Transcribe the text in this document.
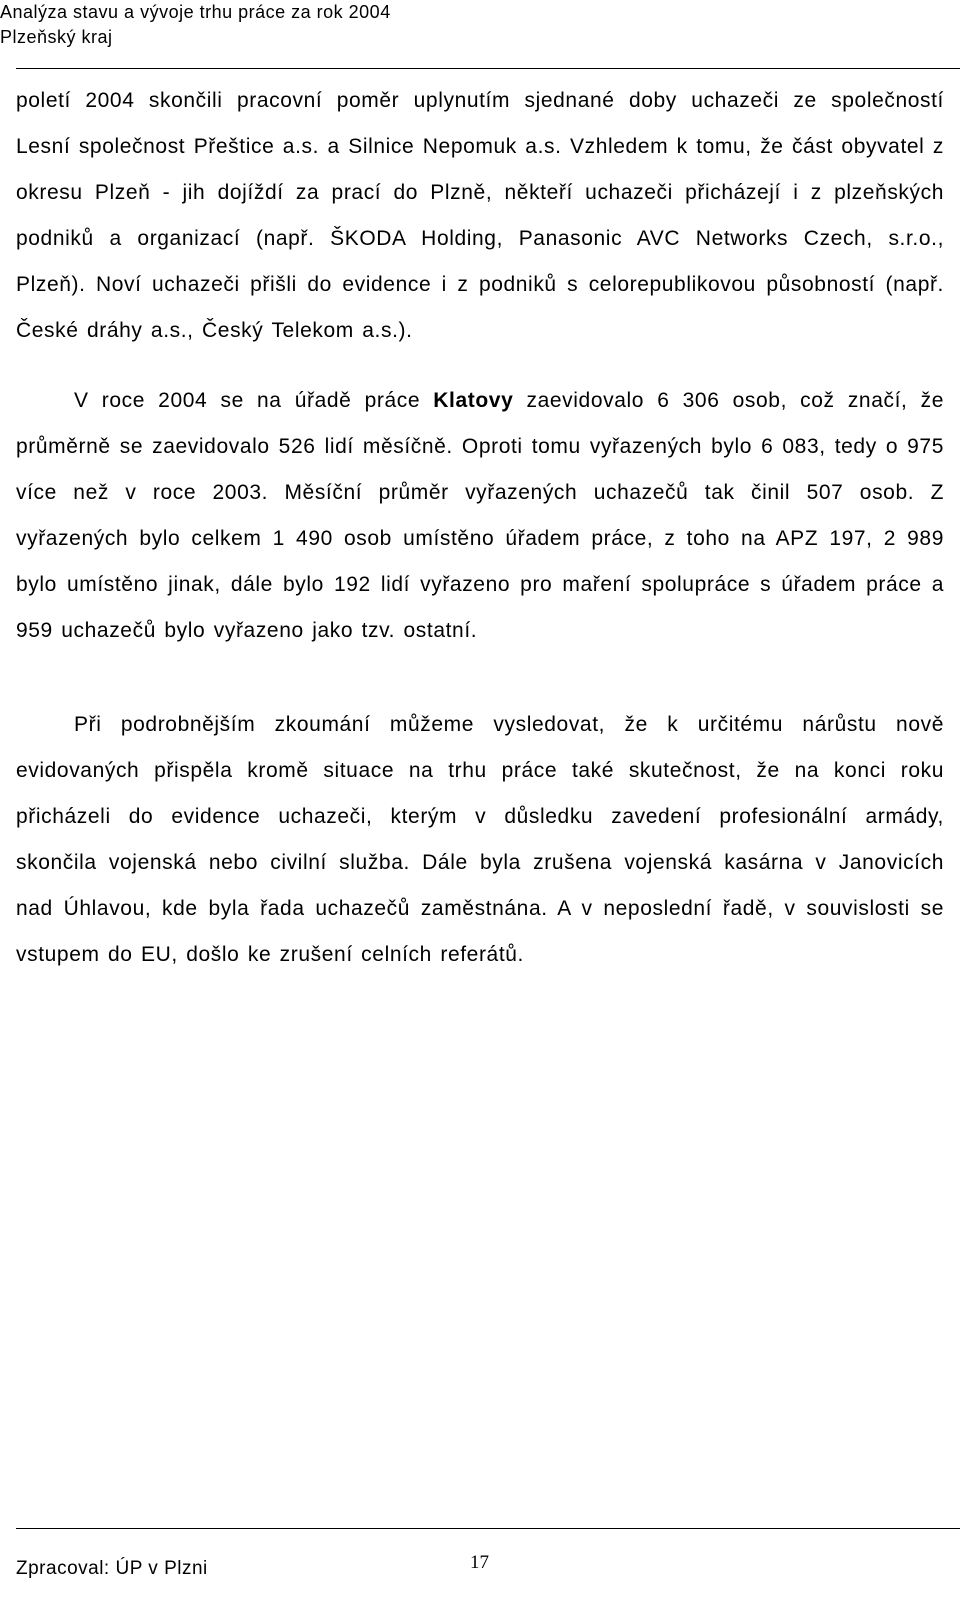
Analýza stavu a vývoje trhu práce za rok 2004
Plzeňský kraj

poletí 2004 skončili pracovní poměr uplynutím sjednané doby uchazeči ze společností Lesní společnost Přeštice a.s. a Silnice Nepomuk a.s. Vzhledem k tomu, že část obyvatel z okresu Plzeň - jih dojíždí za prací do Plzně, někteří uchazeči přicházejí i z plzeňských podniků a organizací (např. ŠKODA Holding, Panasonic AVC Networks Czech, s.r.o., Plzeň). Noví uchazeči přišli do evidence i z podniků s celorepublikovou působností (např. České dráhy a.s., Český Telekom a.s.).

V roce 2004 se na úřadě práce Klatovy zaevidovalo 6 306 osob, což značí, že průměrně se zaevidovalo 526 lidí měsíčně. Oproti tomu vyřazených bylo 6 083, tedy o 975 více než v roce 2003. Měsíční průměr vyřazených uchazečů tak činil 507 osob. Z vyřazených bylo celkem 1 490 osob umístěno úřadem práce, z toho na APZ 197, 2 989 bylo umístěno jinak, dále bylo 192 lidí vyřazeno pro maření spolupráce s úřadem práce a 959 uchazečů bylo vyřazeno jako tzv. ostatní.

Při podrobnějším zkoumání můžeme vysledovat, že k určitému nárůstu nově evidovaných přispěla kromě situace na trhu práce také skutečnost, že na konci roku přicházeli do evidence uchazeči, kterým v důsledku zavedení profesionální armády, skončila vojenská nebo civilní služba. Dále byla zrušena vojenská kasárna v Janovicích nad Úhlavou, kde byla řada uchazečů zaměstnána. A v neposlední řadě, v souvislosti se vstupem do EU, došlo ke zrušení celních referátů.

Zpracoval: ÚP v Plzni	17
